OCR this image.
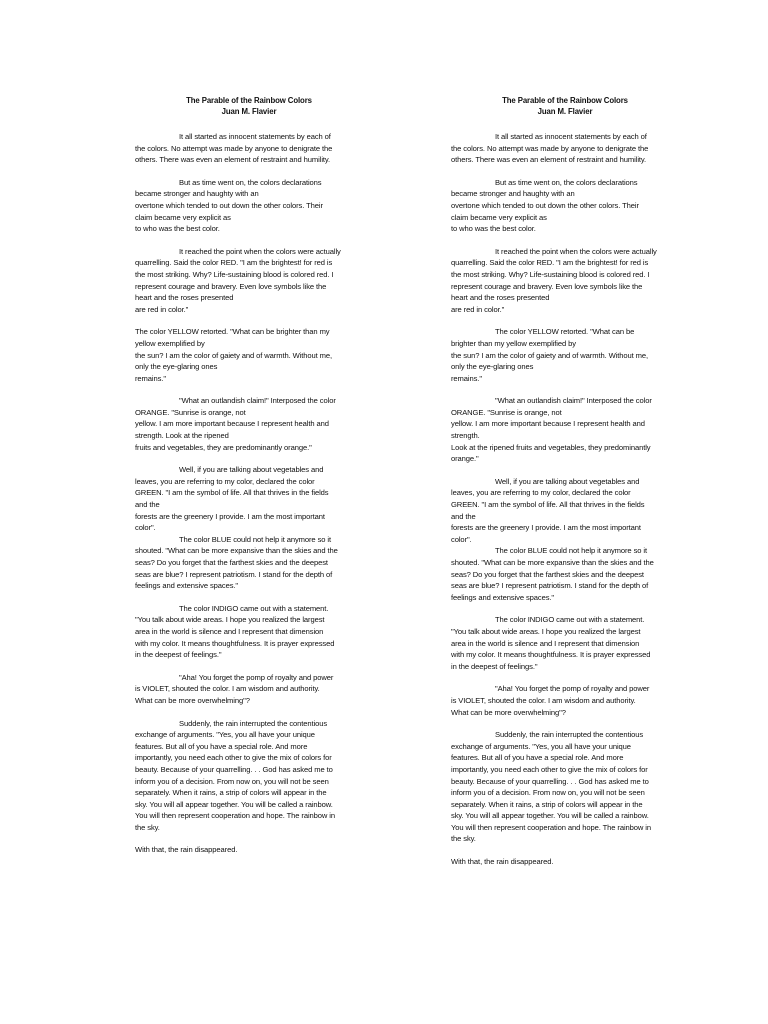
The Parable of the Rainbow Colors
Juan M. Flavier
It all started as innocent statements by each of
the colors. No attempt was made by anyone to denigrate the
others. There was even an element of restraint and humility.
But as time went on, the colors declarations
became stronger and haughty with an
overtone which tended to out down the other colors. Their
claim became very explicit as
to who was the best color.
It reached the point when the colors were actually
quarrelling. Said the color RED. "I am the brightest! for red is
the most striking. Why? Life-sustaining blood is colored red. I
represent courage and bravery. Even love symbols like the
heart and the roses presented
are red in color."
The color YELLOW retorted. "What can be brighter than my
yellow exemplified by
the sun? I am the color of gaiety and of warmth. Without me,
only the eye-glaring ones
remains."
"What an outlandish claim!" Interposed the color
ORANGE. "Sunrise is orange, not
yellow. I am more important because I represent health and
strength. Look at the ripened
fruits and vegetables, they are predominantly orange."
Well, if you are talking about vegetables and
leaves, you are referring to my color, declared the color
GREEN. "I am the symbol of life. All that thrives in the fields
and the
forests are the greenery I provide. I am the most important
color".
The color BLUE could not help it anymore so it
shouted. "What can be more expansive than the skies and the
seas? Do you forget that the farthest skies and the deepest
seas are blue? I represent patriotism. I stand for the depth of
feelings and extensive spaces."
The color INDIGO came out with a statement.
"You talk about wide areas. I hope you realized the largest
area in the world is silence and I represent that dimension
with my color. It means thoughtfulness. It is prayer expressed
in the deepest of feelings."
"Aha! You forget the pomp of royalty and power
is VIOLET, shouted the color. I am wisdom and authority.
What can be more overwhelming"?
Suddenly, the rain interrupted the contentious
exchange of arguments. "Yes, you all have your unique
features. But all of you have a special role. And more
importantly, you need each other to give the mix of colors for
beauty. Because of your quarrelling. . . God has asked me to
inform you of a decision. From now on, you will not be seen
separately. When it rains, a strip of colors will appear in the
sky. You will all appear together. You will be called a rainbow.
You will then represent cooperation and hope. The rainbow in
the sky.
With that, the rain disappeared.
The Parable of the Rainbow Colors
Juan M. Flavier
It all started as innocent statements by each of
the colors. No attempt was made by anyone to denigrate the
others. There was even an element of restraint and humility.
But as time went on, the colors declarations
became stronger and haughty with an
overtone which tended to out down the other colors. Their
claim became very explicit as
to who was the best color.
It reached the point when the colors were actually
quarrelling. Said the color RED. "I am the brightest! for red is
the most striking. Why? Life-sustaining blood is colored red. I
represent courage and bravery. Even love symbols like the
heart and the roses presented
are red in color."
The color YELLOW retorted. "What can be
brighter than my yellow exemplified by
the sun? I am the color of gaiety and of warmth. Without me,
only the eye-glaring ones
remains."
"What an outlandish claim!" Interposed the color
ORANGE. "Sunrise is orange, not
yellow. I am more important because I represent health and
strength.
Look at the ripened fruits and vegetables, they predominantly
orange."
Well, if you are talking about vegetables and
leaves, you are referring to my color, declared the color
GREEN. "I am the symbol of life. All that thrives in the fields
and the
forests are the greenery I provide. I am the most important
color".
The color BLUE could not help it anymore so it
shouted. "What can be more expansive than the skies and the
seas? Do you forget that the farthest skies and the deepest
seas are blue? I represent patriotism. I stand for the depth of
feelings and extensive spaces."
The color INDIGO came out with a statement.
"You talk about wide areas. I hope you realized the largest
area in the world is silence and I represent that dimension
with my color. It means thoughtfulness. It is prayer expressed
in the deepest of feelings."
"Aha! You forget the pomp of royalty and power
is VIOLET, shouted the color. I am wisdom and authority.
What can be more overwhelming"?
Suddenly, the rain interrupted the contentious
exchange of arguments. "Yes, you all have your unique
features. But all of you have a special role. And more
importantly, you need each other to give the mix of colors for
beauty. Because of your quarrelling. . . God has asked me to
inform you of a decision. From now on, you will not be seen
separately. When it rains, a strip of colors will appear in the
sky. You will all appear together. You will be called a rainbow.
You will then represent cooperation and hope. The rainbow in
the sky.
With that, the rain disappeared.
